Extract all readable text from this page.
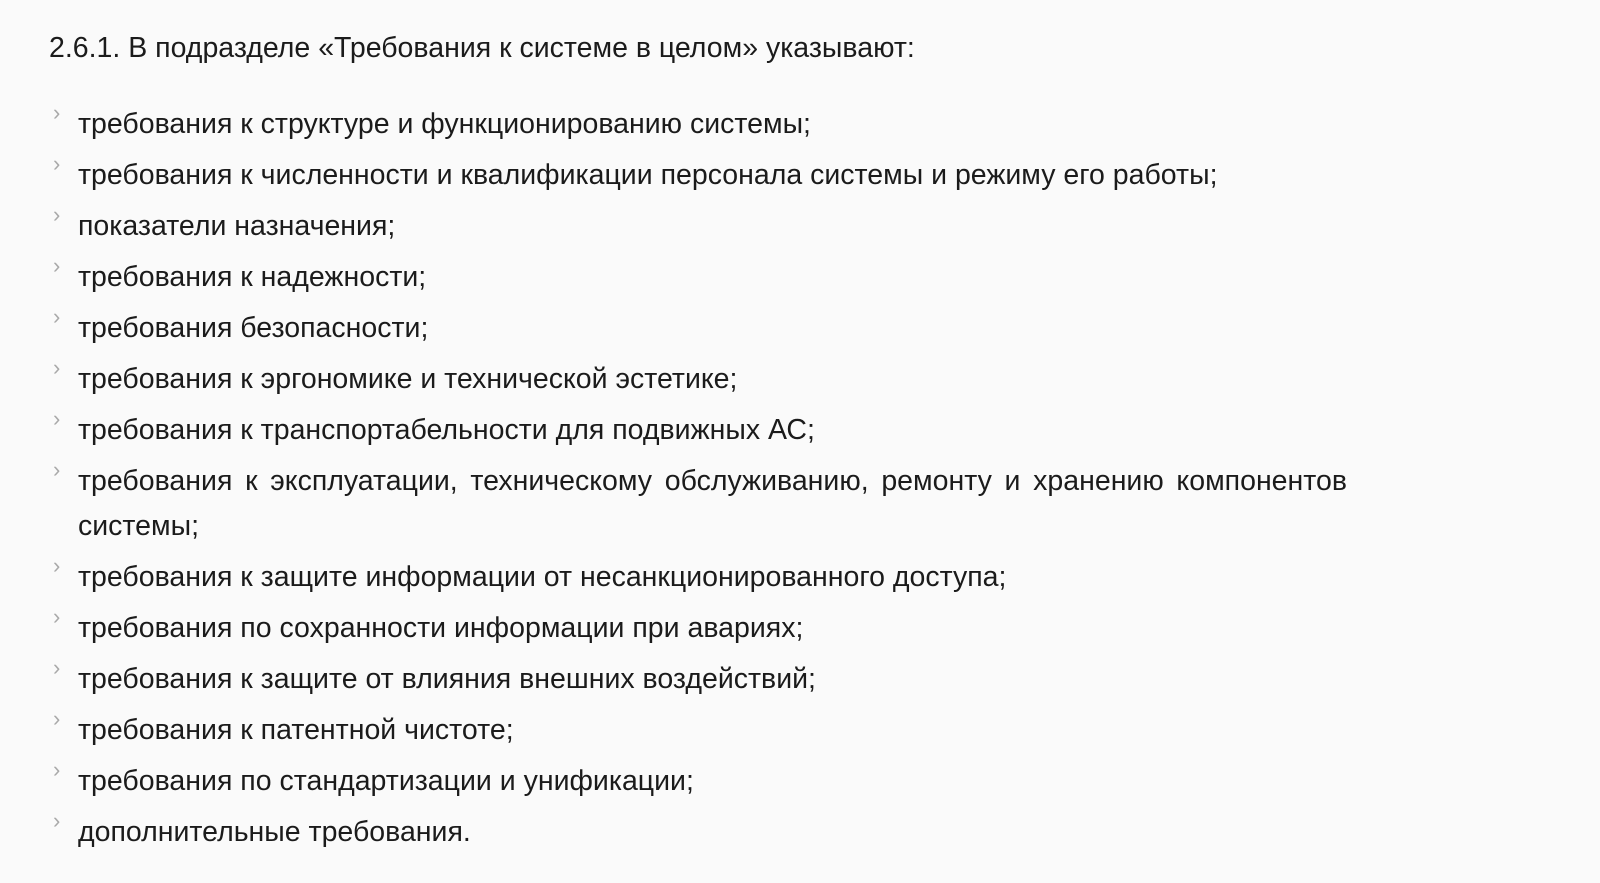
2.6.1. В подразделе «Требования к системе в целом» указывают:

› требования к структуре и функционированию системы;
› требования к численности и квалификации персонала системы и режиму его работы;
› показатели назначения;
› требования к надежности;
› требования безопасности;
› требования к эргономике и технической эстетике;
› требования к транспортабельности для подвижных АС;
› требования к эксплуатации, техническому обслуживанию, ремонту и хранению компонентов системы;
› требования к защите информации от несанкционированного доступа;
› требования по сохранности информации при авариях;
› требования к защите от влияния внешних воздействий;
› требования к патентной чистоте;
› требования по стандартизации и унификации;
› дополнительные требования.
